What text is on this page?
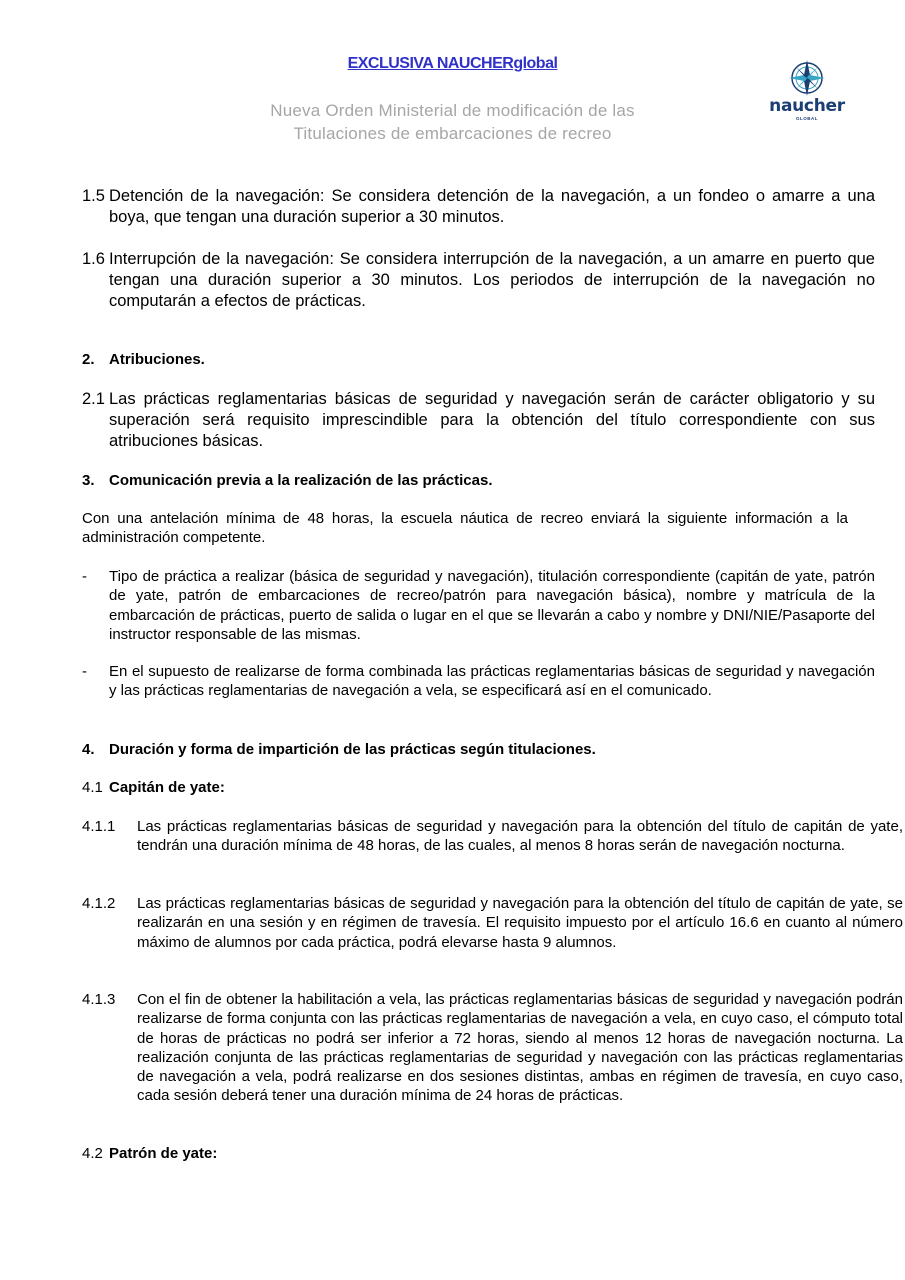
EXCLUSIVA NAUCHERglobal
Nueva Orden Ministerial de modificación de las
Titulaciones de embarcaciones de recreo
naucher
GLOBAL
1.5 Detención de la navegación: Se considera detención de la navegación, a un fondeo o amarre a una boya, que tengan una duración superior a 30 minutos.
1.6 Interrupción de la navegación: Se considera interrupción de la navegación, a un amarre en puerto que tengan una duración superior a 30 minutos. Los periodos de interrupción de la navegación no computarán a efectos de prácticas.
2. Atribuciones.
2.1 Las prácticas reglamentarias básicas de seguridad y navegación serán de carácter obligatorio y su superación será requisito imprescindible para la obtención del título correspondiente con sus atribuciones básicas.
3. Comunicación previa a la realización de las prácticas.
Con una antelación mínima de 48 horas, la escuela náutica de recreo enviará la siguiente información a la administración competente.
- Tipo de práctica a realizar (básica de seguridad y navegación), titulación correspondiente (capitán de yate, patrón de yate, patrón de embarcaciones de recreo/patrón para navegación básica), nombre y matrícula de la embarcación de prácticas, puerto de salida o lugar en el que se llevarán a cabo y nombre y DNI/NIE/Pasaporte del instructor responsable de las mismas.
- En el supuesto de realizarse de forma combinada las prácticas reglamentarias básicas de seguridad y navegación y las prácticas reglamentarias de navegación a vela, se especificará así en el comunicado.
4. Duración y forma de impartición de las prácticas según titulaciones.
4.1 Capitán de yate:
4.1.1 Las prácticas reglamentarias básicas de seguridad y navegación para la obtención del título de capitán de yate, tendrán una duración mínima de 48 horas, de las cuales, al menos 8 horas serán de navegación nocturna.
4.1.2 Las prácticas reglamentarias básicas de seguridad y navegación para la obtención del título de capitán de yate, se realizarán en una sesión y en régimen de travesía. El requisito impuesto por el artículo 16.6 en cuanto al número máximo de alumnos por cada práctica, podrá elevarse hasta 9 alumnos.
4.1.3 Con el fin de obtener la habilitación a vela, las prácticas reglamentarias básicas de seguridad y navegación podrán realizarse de forma conjunta con las prácticas reglamentarias de navegación a vela, en cuyo caso, el cómputo total de horas de prácticas no podrá ser inferior a 72 horas, siendo al menos 12 horas de navegación nocturna. La realización conjunta de las prácticas reglamentarias de seguridad y navegación con las prácticas reglamentarias de navegación a vela, podrá realizarse en dos sesiones distintas, ambas en régimen de travesía, en cuyo caso, cada sesión deberá tener una duración mínima de 24 horas de prácticas.
4.2 Patrón de yate:
